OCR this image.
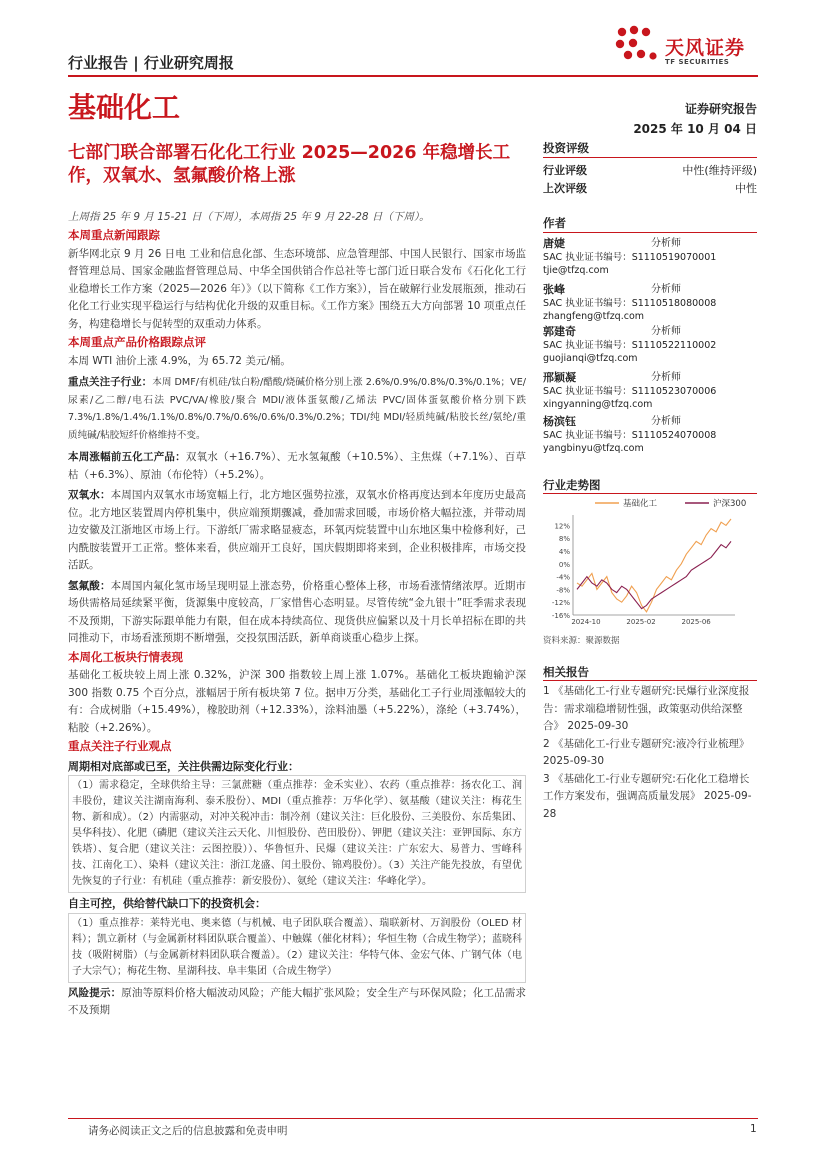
行业报告 | 行业研究周报
基础化工
天风证券
TF SECURITIES
证券研究报告
2025 年 10 月 04 日
七部门联合部署石化化工行业 2025—2026 年稳增长工作，双氧水、氢氟酸价格上涨
上周指 25 年 9 月 15-21 日（下周），本周指 25 年 9 月 22-28 日（下周）。
本周重点新闻跟踪

新华网北京 9 月 26 日电 工业和信息化部、生态环境部、应急管理部、中国人民银行、国家市场监督管理总局、国家金融监督管理总局、中华全国供销合作总社等七部门近日联合发布《石化化工行业稳增长工作方案（2025—2026 年）》（以下简称《工作方案》），旨在破解行业发展瓶颈，推动石化化工行业实现平稳运行与结构优化升级的双重目标。《工作方案》围绕五大方向部署 10 项重点任务，构建稳增长与促转型的双重动力体系。

本周重点产品价格跟踪点评

本周 WTI 油价上涨 4.9%，为 65.72 美元/桶。

重点关注子行业：本周 DMF/有机硅/钛白粉/醋酸/烧碱价格分别上涨 2.6%/0.9%/0.8%/0.3%/0.1%；VE/尿素/乙二醇/电石法 PVC/VA/橡胶/聚合 MDI/液体蛋氨酸/乙烯法 PVC/固体蛋氨酸价格分别下跌 7.3%/1.8%/1.4%/1.1%/0.8%/0.7%/0.6%/0.6%/0.3%/0.2%；TDI/纯 MDI/轻质纯碱/粘胶长丝/氨纶/重质纯碱/粘胶短纤价格维持不变。

本周涨幅前五化工产品：双氧水（+16.7%）、无水氢氟酸（+10.5%）、主焦煤（+7.1%）、百草枯（+6.3%）、原油（布伦特）（+5.2%）。

双氧水：本周国内双氧水市场宽幅上行，北方地区强势拉涨，双氧水价格再度达到本年度历史最高位。北方地区装置周内停机集中，供应端预期骤减，叠加需求回暖，市场价格大幅拉涨，并带动周边安徽及江浙地区市场上行。下游纸厂需求略显疲态，环氧丙烷装置中山东地区集中检修利好，己内酰胺装置开工正常。整体来看，供应端开工良好，国庆假期即将来到，企业积极排库，市场交投活跃。

氢氟酸：本周国内氟化氢市场呈现明显上涨态势，价格重心整体上移，市场看涨情绪浓厚。近期市场供需格局延续紧平衡，货源集中度较高，厂家惜售心态明显。尽管传统“金九银十”旺季需求表现不及预期，下游实际跟单能力有限，但在成本持续高位、现货供应偏紧以及十月长单招标在即的共同推动下，市场看涨预期不断增强，交投氛围活跃，新单商谈重心稳步上探。

本周化工板块行情表现

基础化工板块较上周上涨 0.32%，沪深 300 指数较上周上涨 1.07%。基础化工板块跑输沪深 300 指数 0.75 个百分点，涨幅居于所有板块第 7 位。据申万分类，基础化工子行业周涨幅较大的有：合成树脂（+15.49%），橡胶助剂（+12.33%），涂料油墨（+5.22%），涤纶（+3.74%），粘胶（+2.26%）。

重点关注子行业观点
周期相对底部或已至，关注供需边际变化行业：
（1）需求稳定，全球供给主导：三氯蔗糖（重点推荐：金禾实业）、农药（重点推荐：扬农化工、润丰股份，建议关注湖南海利、泰禾股份）、MDI（重点推荐：万华化学）、氨基酸（建议关注：梅花生物、新和成）。（2）内需驱动，对冲关税冲击：制冷剂（建议关注：巨化股份、三美股份、东岳集团、昊华科技）、化肥（磷肥（建议关注云天化、川恒股份、芭田股份）、钾肥（建议关注：亚钾国际、东方铁塔）、复合肥（建议关注：云图控股））、华鲁恒升、民爆（建议关注：广东宏大、易普力、雪峰科技、江南化工）、染料（建议关注：浙江龙盛、闰土股份、锦鸡股份）。（3）关注产能先投放，有望优先恢复的子行业：有机硅（重点推荐：新安股份）、氨纶（建议关注：华峰化学）。
自主可控，供给替代缺口下的投资机会：
（1）重点推荐：莱特光电、奥来德（与机械、电子团队联合覆盖）、瑞联新材、万润股份（OLED 材料）；凯立新材（与金属新材料团队联合覆盖）、中触媒（催化材料）；华恒生物（合成生物学）；蓝晓科技（吸附树脂）（与金属新材料团队联合覆盖）。（2）建议关注：华特气体、金宏气体、广钢气体（电子大宗气）；梅花生物、星湖科技、阜丰集团（合成生物学）

风险提示：原油等原料价格大幅波动风险；产能大幅扩张风险；安全生产与环保风险；化工品需求不及预期

投资评级
行业评级	中性(维持评级)
上次评级	中性
作者
唐婕	分析师
SAC 执业证书编号：S1110519070001
tjie@tfzq.com
张峰	分析师
SAC 执业证书编号：S1110518080008
zhangfeng@tfzq.com
郭建奇	分析师
SAC 执业证书编号：S1110522110002
guojianqi@tfzq.com
邢颖凝	分析师
SAC 执业证书编号：S1110523070006
xingyanning@tfzq.com
杨滨钰	分析师
SAC 执业证书编号：S1110524070008
yangbinyu@tfzq.com
行业走势图
基础化工	沪深300
12%
8%
4%
0%
-4%
-8%
-12%
-16%
2024-10	2025-02	2025-06
资料来源：聚源数据
相关报告
1 《基础化工-行业专题研究:民爆行业深度报告：需求端稳增韧性强，政策驱动供给深整合》 2025-09-30
2 《基础化工-行业专题研究:液冷行业梳理》 2025-09-30
3 《基础化工-行业专题研究:石化化工稳增长工作方案发布，强调高质量发展》 2025-09-28
请务必阅读正文之后的信息披露和免责申明	1
